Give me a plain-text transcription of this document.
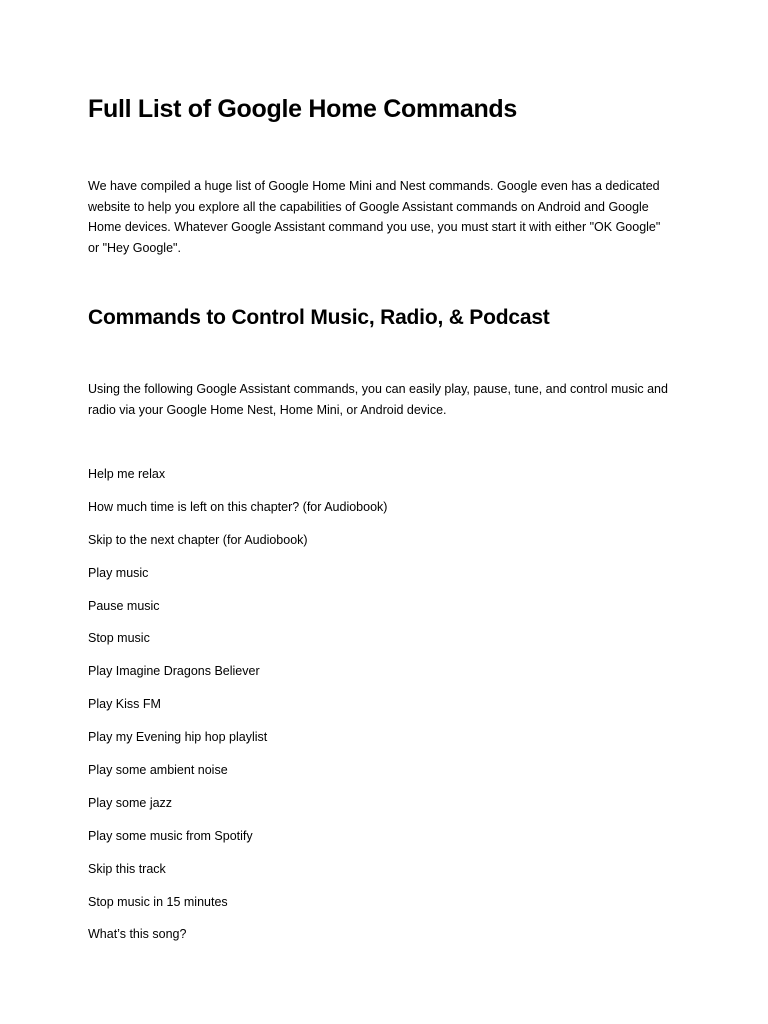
Full List of Google Home Commands

We have compiled a huge list of Google Home Mini and Nest commands. Google even has a dedicated
website to help you explore all the capabilities of Google Assistant commands on Android and Google
Home devices. Whatever Google Assistant command you use, you must start it with either "OK Google"
or "Hey Google".

Commands to Control Music, Radio, & Podcast

Using the following Google Assistant commands, you can easily play, pause, tune, and control music and
radio via your Google Home Nest, Home Mini, or Android device.

Help me relax
How much time is left on this chapter? (for Audiobook)
Skip to the next chapter (for Audiobook)
Play music
Pause music
Stop music
Play Imagine Dragons Believer
Play Kiss FM
Play my Evening hip hop playlist
Play some ambient noise
Play some jazz
Play some music from Spotify
Skip this track
Stop music in 15 minutes
What’s this song?
